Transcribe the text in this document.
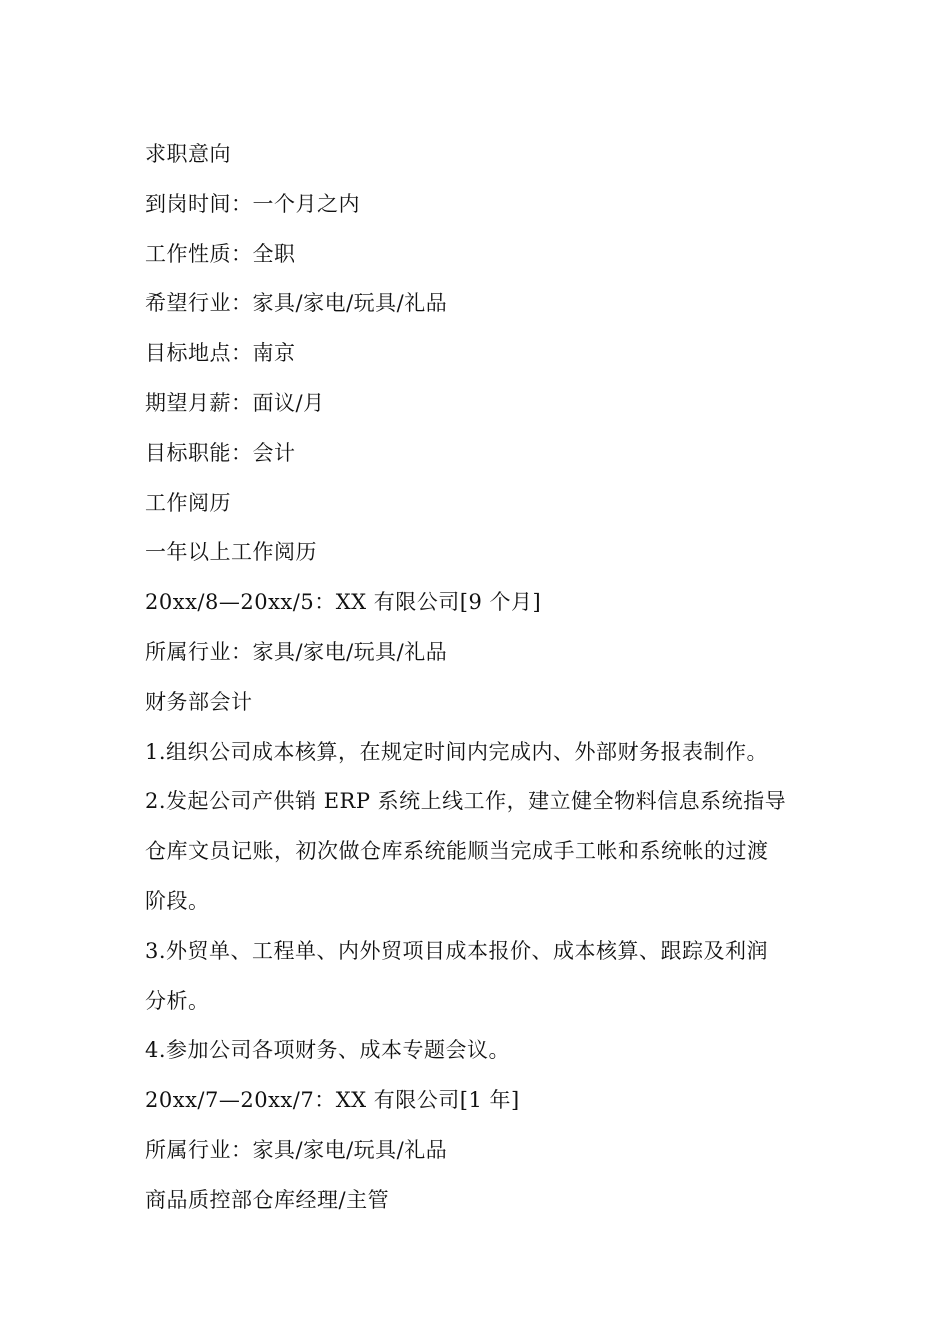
求职意向
到岗时间：一个月之内
工作性质：全职
希望行业：家具/家电/玩具/礼品
目标地点：南京
期望月薪：面议/月
目标职能：会计
工作阅历
一年以上工作阅历
20xx/8—20xx/5：XX 有限公司[9 个月]
所属行业：家具/家电/玩具/礼品
财务部会计
1.组织公司成本核算，在规定时间内完成内、外部财务报表制作。
2.发起公司产供销 ERP 系统上线工作，建立健全物料信息系统指导
仓库文员记账，初次做仓库系统能顺当完成手工帐和系统帐的过渡
阶段。
3.外贸单、工程单、内外贸项目成本报价、成本核算、跟踪及利润
分析。
4.参加公司各项财务、成本专题会议。
20xx/7—20xx/7：XX 有限公司[1 年]
所属行业：家具/家电/玩具/礼品
商品质控部仓库经理/主管
